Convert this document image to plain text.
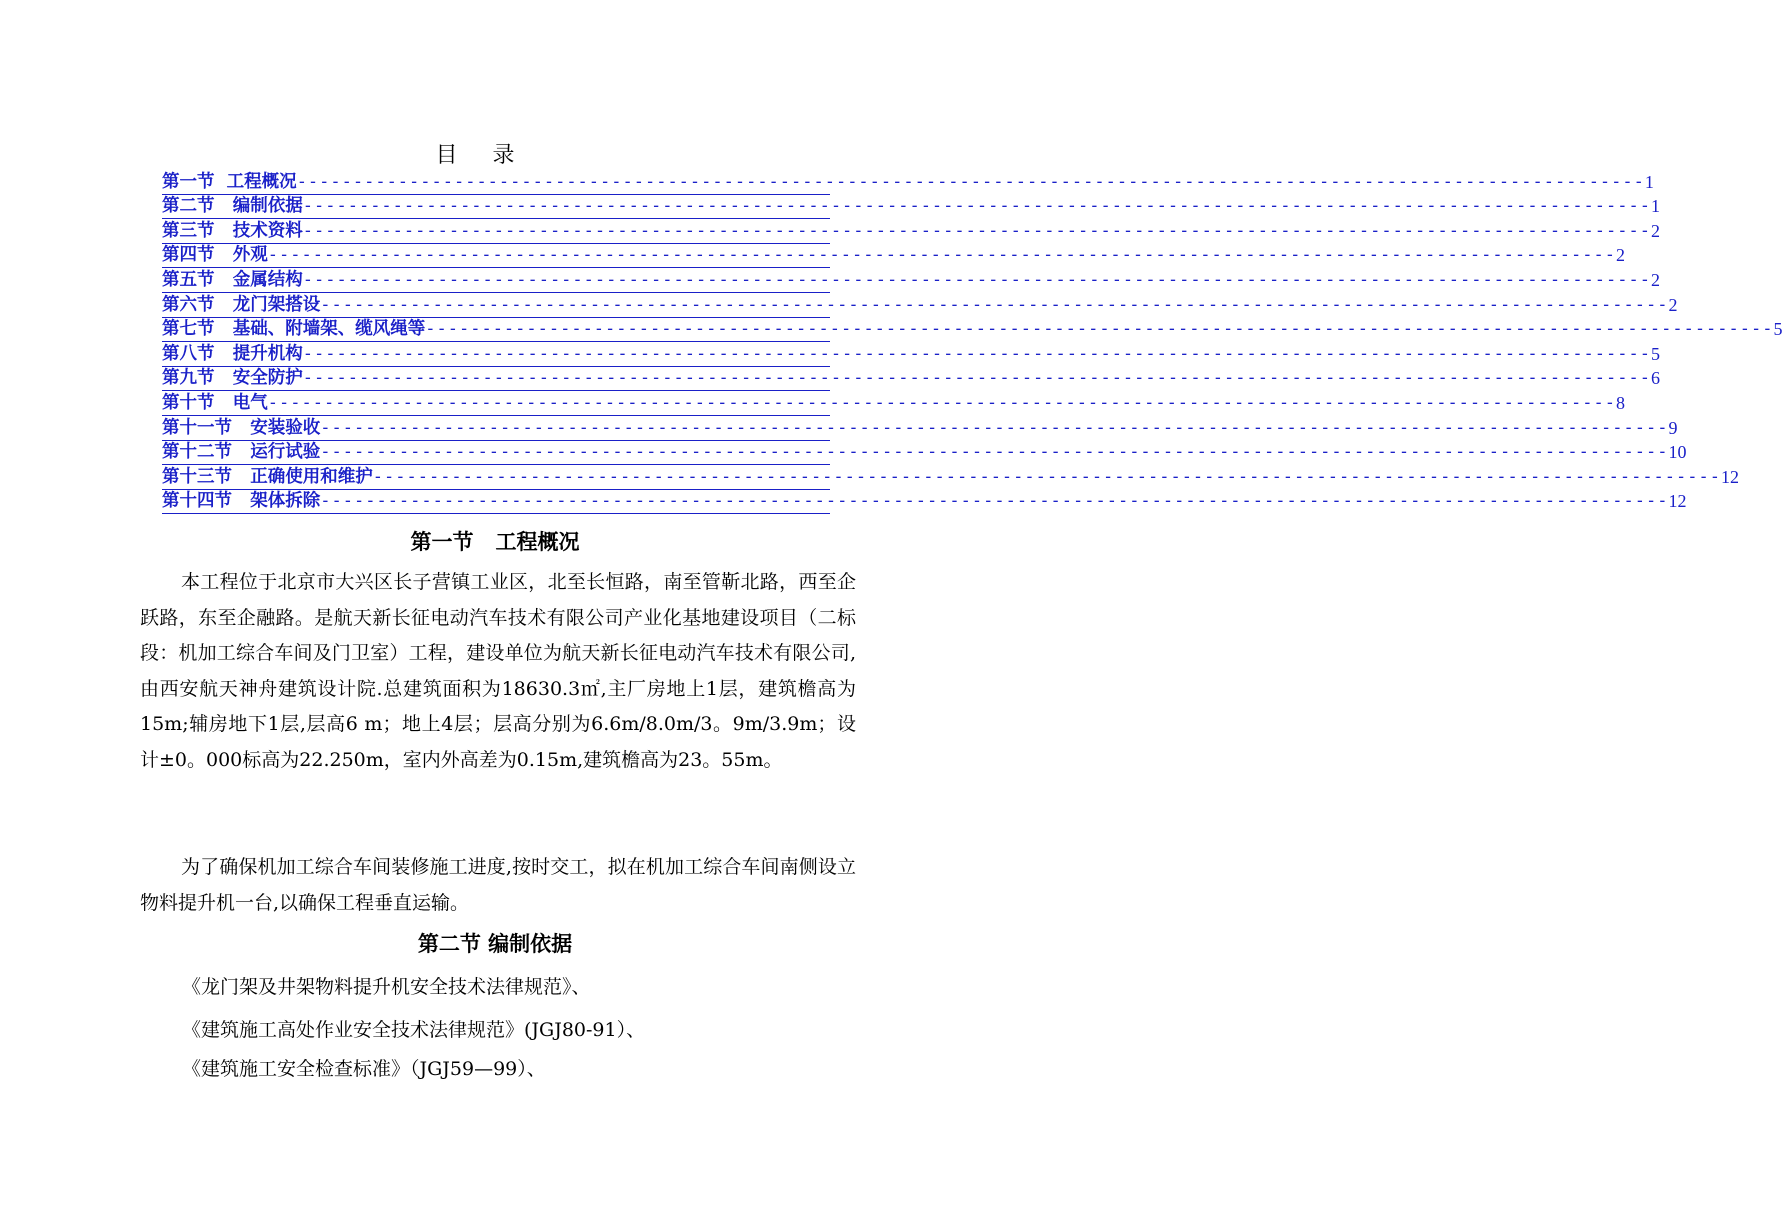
目 录
第一节  工程概况 ------------------------------------------------------------------------------------------------------------------------ 1
第二节   编制依据 ------------------------------------------------------------------------------------------------------------------------ 1
第三节   技术资料 ------------------------------------------------------------------------------------------------------------------------ 2
第四节   外观 ------------------------------------------------------------------------------------------------------------------------ 2
第五节   金属结构 ------------------------------------------------------------------------------------------------------------------------ 2
第六节   龙门架搭设 ------------------------------------------------------------------------------------------------------------------------ 2
第七节   基础、附墙架、缆风绳等 ------------------------------------------------------------------------------------------------------------------------ 5
第八节   提升机构 ------------------------------------------------------------------------------------------------------------------------ 5
第九节   安全防护 ------------------------------------------------------------------------------------------------------------------------ 6
第十节   电气 ------------------------------------------------------------------------------------------------------------------------ 8
第十一节   安装验收 ------------------------------------------------------------------------------------------------------------------------ 9
第十二节   运行试验 ------------------------------------------------------------------------------------------------------------------------ 10
第十三节   正确使用和维护 ------------------------------------------------------------------------------------------------------------------------ 12
第十四节   架体拆除 ------------------------------------------------------------------------------------------------------------------------ 12
第一节   工程概况

本工程位于北京市大兴区长子营镇工业区，北至长恒路，南至管靳北路，西至企跃路，东至企融路。是航天新长征电动汽车技术有限公司产业化基地建设项目（二标段：机加工综合车间及门卫室）工程，建设单位为航天新长征电动汽车技术有限公司,由西安航天神舟建筑设计院.总建筑面积为18630.3㎡,主厂房地上1层，建筑檐高为15m;辅房地下1层,层高6 m；地上4层；层高分别为6.6m/8.0m/3。9m/3.9m；设计±0。000标高为22.250m，室内外高差为0.15m,建筑檐高为23。55m。

为了确保机加工综合车间装修施工进度,按时交工，拟在机加工综合车间南侧设立物料提升机一台,以确保工程垂直运输。

第二节 编制依据
《龙门架及井架物料提升机安全技术法律规范》、
《建筑施工高处作业安全技术法律规范》(JGJ80-91）、
《建筑施工安全检查标准》（JGJ59—99）、
